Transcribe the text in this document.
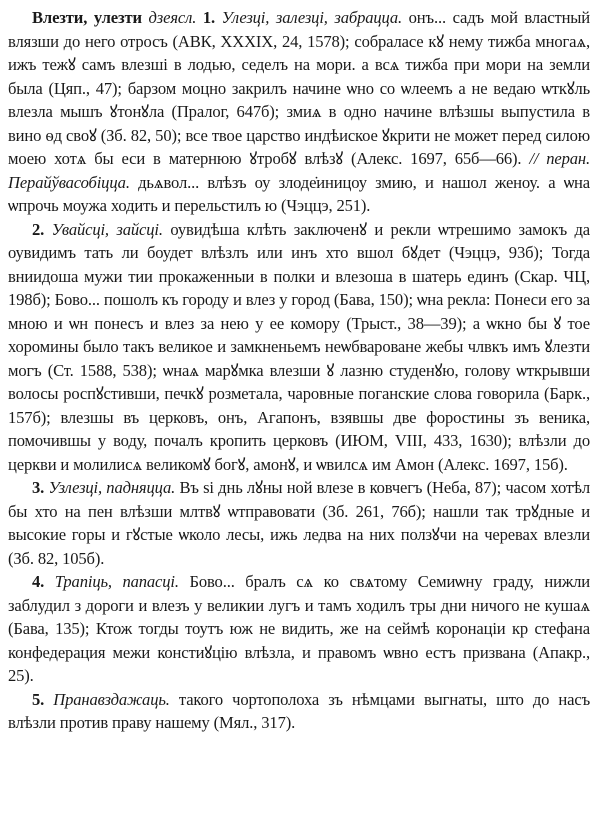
Влезти, улезти дзеясл. 1. Улезці, залезці, забрацца. онъ... садъ мой властный влязши до него отросъ (АВК, XXXIX, 24, 1578); собраласе кꙋ нему тижба многаѧ, ижъ тежꙋ самъ влезшi в лодью, седелъ на мори. а всѧ тижба при мори на земли была (Цяп., 47); барзом моцно закрилъ начине ѡно со ѡлеемъ а не ведаю ѡткꙋль влезла мышъ ꙋтонꙋла (Пралог, 647б); змиѧ в одно начине влѣзшы выпустила в вино ѳд своꙋ (Зб. 82, 50); все твое царство индѣиское ꙋкрити не может перед силою моею хотѧ бы еси в матернюю ꙋтробꙋ влѣзꙋ (Алекс. 1697, 65б—66). // перан. Перайўвасобіцца. дьѧвол... влѣзъ оу злоде̇иницоу змию, и нашол женоу. а ѡна ѡпрочь моужа ходить и перельстилъ ю (Чэццэ, 251).

2. Увайсці, зайсці. оувидѣша клѣть заключенꙋ и рекли ѡтрешимо замокъ да оувидимъ тать ли боудет влѣзлъ или инъ хто вшол бꙋдет (Чэццэ, 93б); Тогда вниидоша мужи тии прокаженныи в полки и влезоша в шатерь единъ (Скар. ЧЦ, 198б); Бово... пошолъ къ городу и влез у город (Бава, 150); ѡна рекла: Понеси его за мною и ѡн понесъ и влез за нею у ее комору (Трыст., 38—39); а ѡкно бы ꙋ тое хоромины было такъ великое и замкненьемъ неѡбвароване жебы члвкъ имъ ꙋлезти могъ (Ст. 1588, 538); ѡнаѧ марꙋмка влезши ꙋ лазню студенꙋю, голову ѡткрывши волосы роспꙋстивши, печкꙋ розметала, чаровные поганские слова говорила (Барк., 157б); влезшы въ церковъ, онъ, Агапонъ, взявшы две фоpостины зъ веника, помочившы у воду, почалъ кропить церковъ (ИЮМ, VIII, 433, 1630); влѣзли до церкви и молилисѧ великомꙋ богꙋ, амонꙋ, и ѡвилсѧ им Амон (Алекс. 1697, 15б).

3. Узлезці, падняцца. Въ ѕi днь лꙋны ной влезе в ковчегъ (Неба, 87); часом хотѣл бы хто на пен влѣзши млтвꙋ ѡтправовати (Зб. 261, 76б); нашли так трꙋдные и высокие горы и гꙋстые ѡколо лесы, ижь ледва на них ползꙋчи на черевах влезли (Зб. 82, 105б).

4. Трапіць, папасці. Бово... бралъ сѧ ко свѧтому Семиѡну граду, нижли заблудил з дороги и влезъ у великии лугъ и тамъ ходилъ тры дни ничого не кушаѧ (Бава, 135); Ктож тогды тоутъ юж не видить, же на сеймѣ коронаціи кр стефана конфедерация межи констиꙋцію влѣзла, и правомъ ѡвно естъ призвана (Апакр., 25).

5. Пранавздажаць. такого чортополоха зъ нѣмцами выгнаты, што до насъ влѣзли против праву нашему (Мял., 317).
